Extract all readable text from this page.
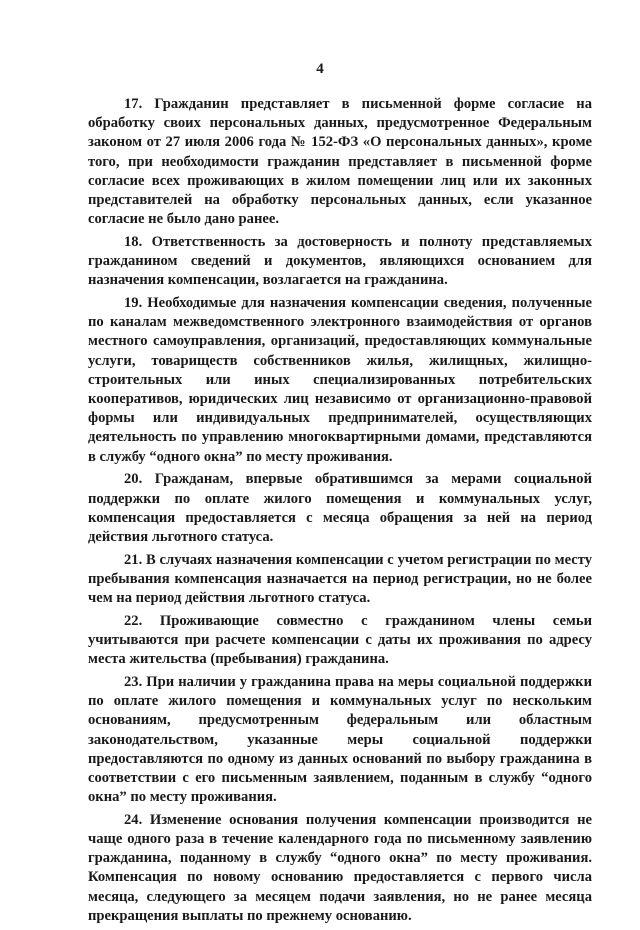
4

17. Гражданин представляет в письменной форме согласие на обработку своих персональных данных, предусмотренное Федеральным законом от 27 июля 2006 года № 152-ФЗ «О персональных данных», кроме того, при необходимости гражданин представляет в письменной форме согласие всех проживающих в жилом помещении лиц или их законных представителей на обработку персональных данных, если указанное согласие не было дано ранее.

18. Ответственность за достоверность и полноту представляемых гражданином сведений и документов, являющихся основанием для назначения компенсации, возлагается на гражданина.

19. Необходимые для назначения компенсации сведения, полученные по каналам межведомственного электронного взаимодействия от органов местного самоуправления, организаций, предоставляющих коммунальные услуги, товариществ собственников жилья, жилищных, жилищно-строительных или иных специализированных потребительских кооперативов, юридических лиц независимо от организационно-правовой формы или индивидуальных предпринимателей, осуществляющих деятельность по управлению многоквартирными домами, представляются в службу “одного окна” по месту проживания.

20. Гражданам, впервые обратившимся за мерами социальной поддержки по оплате жилого помещения и коммунальных услуг, компенсация предоставляется с месяца обращения за ней на период действия льготного статуса.

21. В случаях назначения компенсации с учетом регистрации по месту пребывания компенсация назначается на период регистрации, но не более чем на период действия льготного статуса.

22. Проживающие совместно с гражданином члены семьи учитываются при расчете компенсации с даты их проживания по адресу места жительства (пребывания) гражданина.

23. При наличии у гражданина права на меры социальной поддержки по оплате жилого помещения и коммунальных услуг по нескольким основаниям, предусмотренным федеральным или областным законодательством, указанные меры социальной поддержки предоставляются по одному из данных оснований по выбору гражданина в соответствии с его письменным заявлением, поданным в службу “одного окна” по месту проживания.

24. Изменение основания получения компенсации производится не чаще одного раза в течение календарного года по письменному заявлению гражданина, поданному в службу “одного окна” по месту проживания. Компенсация по новому основанию предоставляется с первого числа месяца, следующего за месяцем подачи заявления, но не ранее месяца прекращения выплаты по прежнему основанию.
